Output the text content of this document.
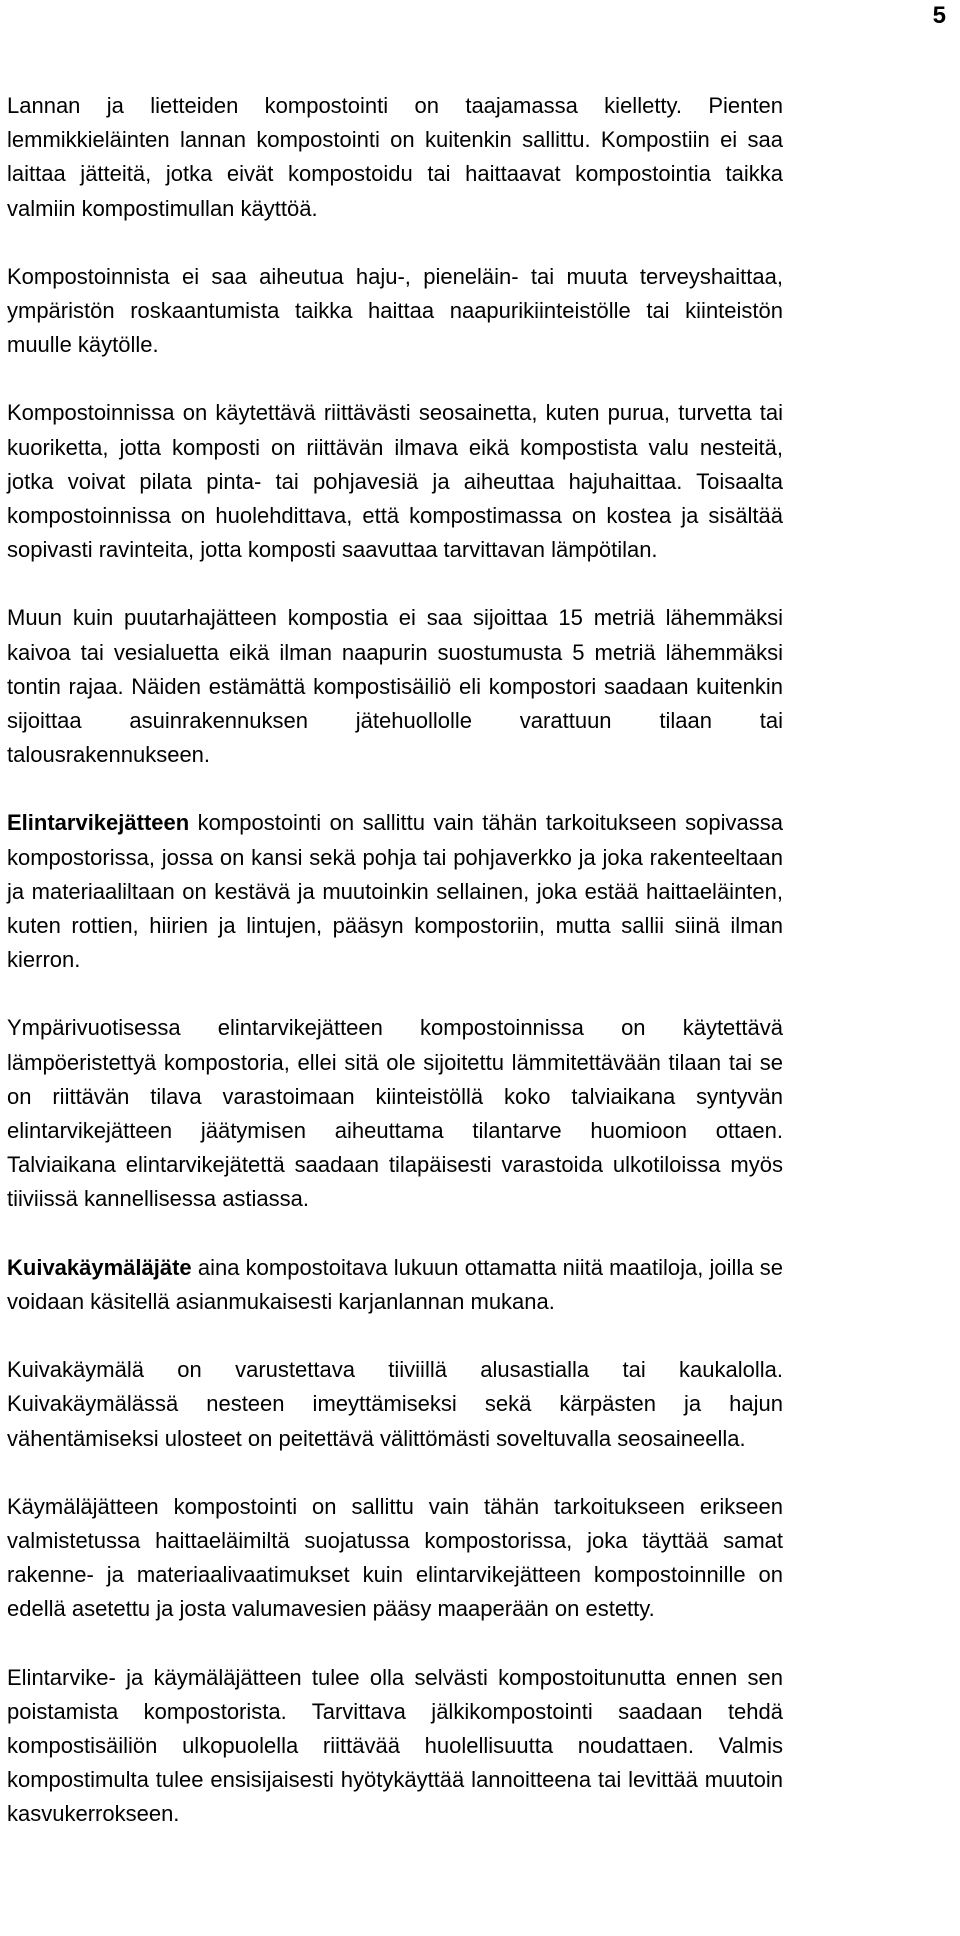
5

Lannan ja lietteiden kompostointi on taajamassa kielletty. Pienten lemmikkieläinten lannan kompostointi on kuitenkin sallittu. Kompostiin ei saa laittaa jätteitä, jotka eivät kompostoidu tai haittaavat kompostointia taikka valmiin kompostimullan käyttöä.

Kompostoinnista ei saa aiheutua haju-, pieneläin- tai muuta terveyshaittaa, ympäristön roskaantumista taikka haittaa naapurikiinteistölle tai kiinteistön muulle käytölle.

Kompostoinnissa on käytettävä riittävästi seosainetta, kuten purua, turvetta tai kuoriketta, jotta komposti on riittävän ilmava eikä kompostista valu nesteitä, jotka voivat pilata pinta- tai pohjavesiä ja aiheuttaa hajuhaittaa. Toisaalta kompostoinnissa on huolehdittava, että kompostimassa on kostea ja sisältää sopivasti ravinteita, jotta komposti saavuttaa tarvittavan lämpötilan.

Muun kuin puutarhajätteen kompostia ei saa sijoittaa 15 metriä lähemmäksi kaivoa tai vesialuetta eikä ilman naapurin suostumusta 5 metriä lähemmäksi tontin rajaa. Näiden estämättä kompostisäiliö eli kompostori saadaan kuitenkin sijoittaa asuinrakennuksen jätehuollolle varattuun tilaan tai talousrakennukseen.

Elintarvikejätteen kompostointi on sallittu vain tähän tarkoitukseen sopivassa kompostorissa, jossa on kansi sekä pohja tai pohjaverkko ja joka rakenteeltaan ja materiaaliltaan on kestävä ja muutoinkin sellainen, joka estää haittaeläinten, kuten rottien, hiirien ja lintujen, pääsyn kompostoriin, mutta sallii siinä ilman kierron.

Ympärivuotisessa elintarvikejätteen kompostoinnissa on käytettävä lämpöeristettyä kompostoria, ellei sitä ole sijoitettu lämmitettävään tilaan tai se on riittävän tilava varastoimaan kiinteistöllä koko talviaikana syntyvän elintarvikejätteen jäätymisen aiheuttama tilantarve huomioon ottaen. Talviaikana elintarvikejätettä saadaan tilapäisesti varastoida ulkotiloissa myös tiiviissä kannellisessa astiassa.

Kuivakäymäläjäte aina kompostoitava lukuun ottamatta niitä maatiloja, joilla se voidaan käsitellä asianmukaisesti karjanlannan mukana.

Kuivakäymälä on varustettava tiiviillä alusastialla tai kaukalolla. Kuivakäymälässä nesteen imeyttämiseksi sekä kärpästen ja hajun vähentämiseksi ulosteet on peitettävä välittömästi soveltuvalla seosaineella.

Käymäläjätteen kompostointi on sallittu vain tähän tarkoitukseen erikseen valmistetussa haittaeläimiltä suojatussa kompostorissa, joka täyttää samat rakenne- ja materiaalivaatimukset kuin elintarvikejätteen kompostoinnille on edellä asetettu ja josta valumavesien pääsy maaperään on estetty.

Elintarvike- ja käymäläjätteen tulee olla selvästi kompostoitunutta ennen sen poistamista kompostorista. Tarvittava jälkikompostointi saadaan tehdä kompostisäiliön ulkopuolella riittävää huolellisuutta noudattaen. Valmis kompostimulta tulee ensisijaisesti hyötykäyttää lannoitteena tai levittää muutoin kasvukerrokseen.
